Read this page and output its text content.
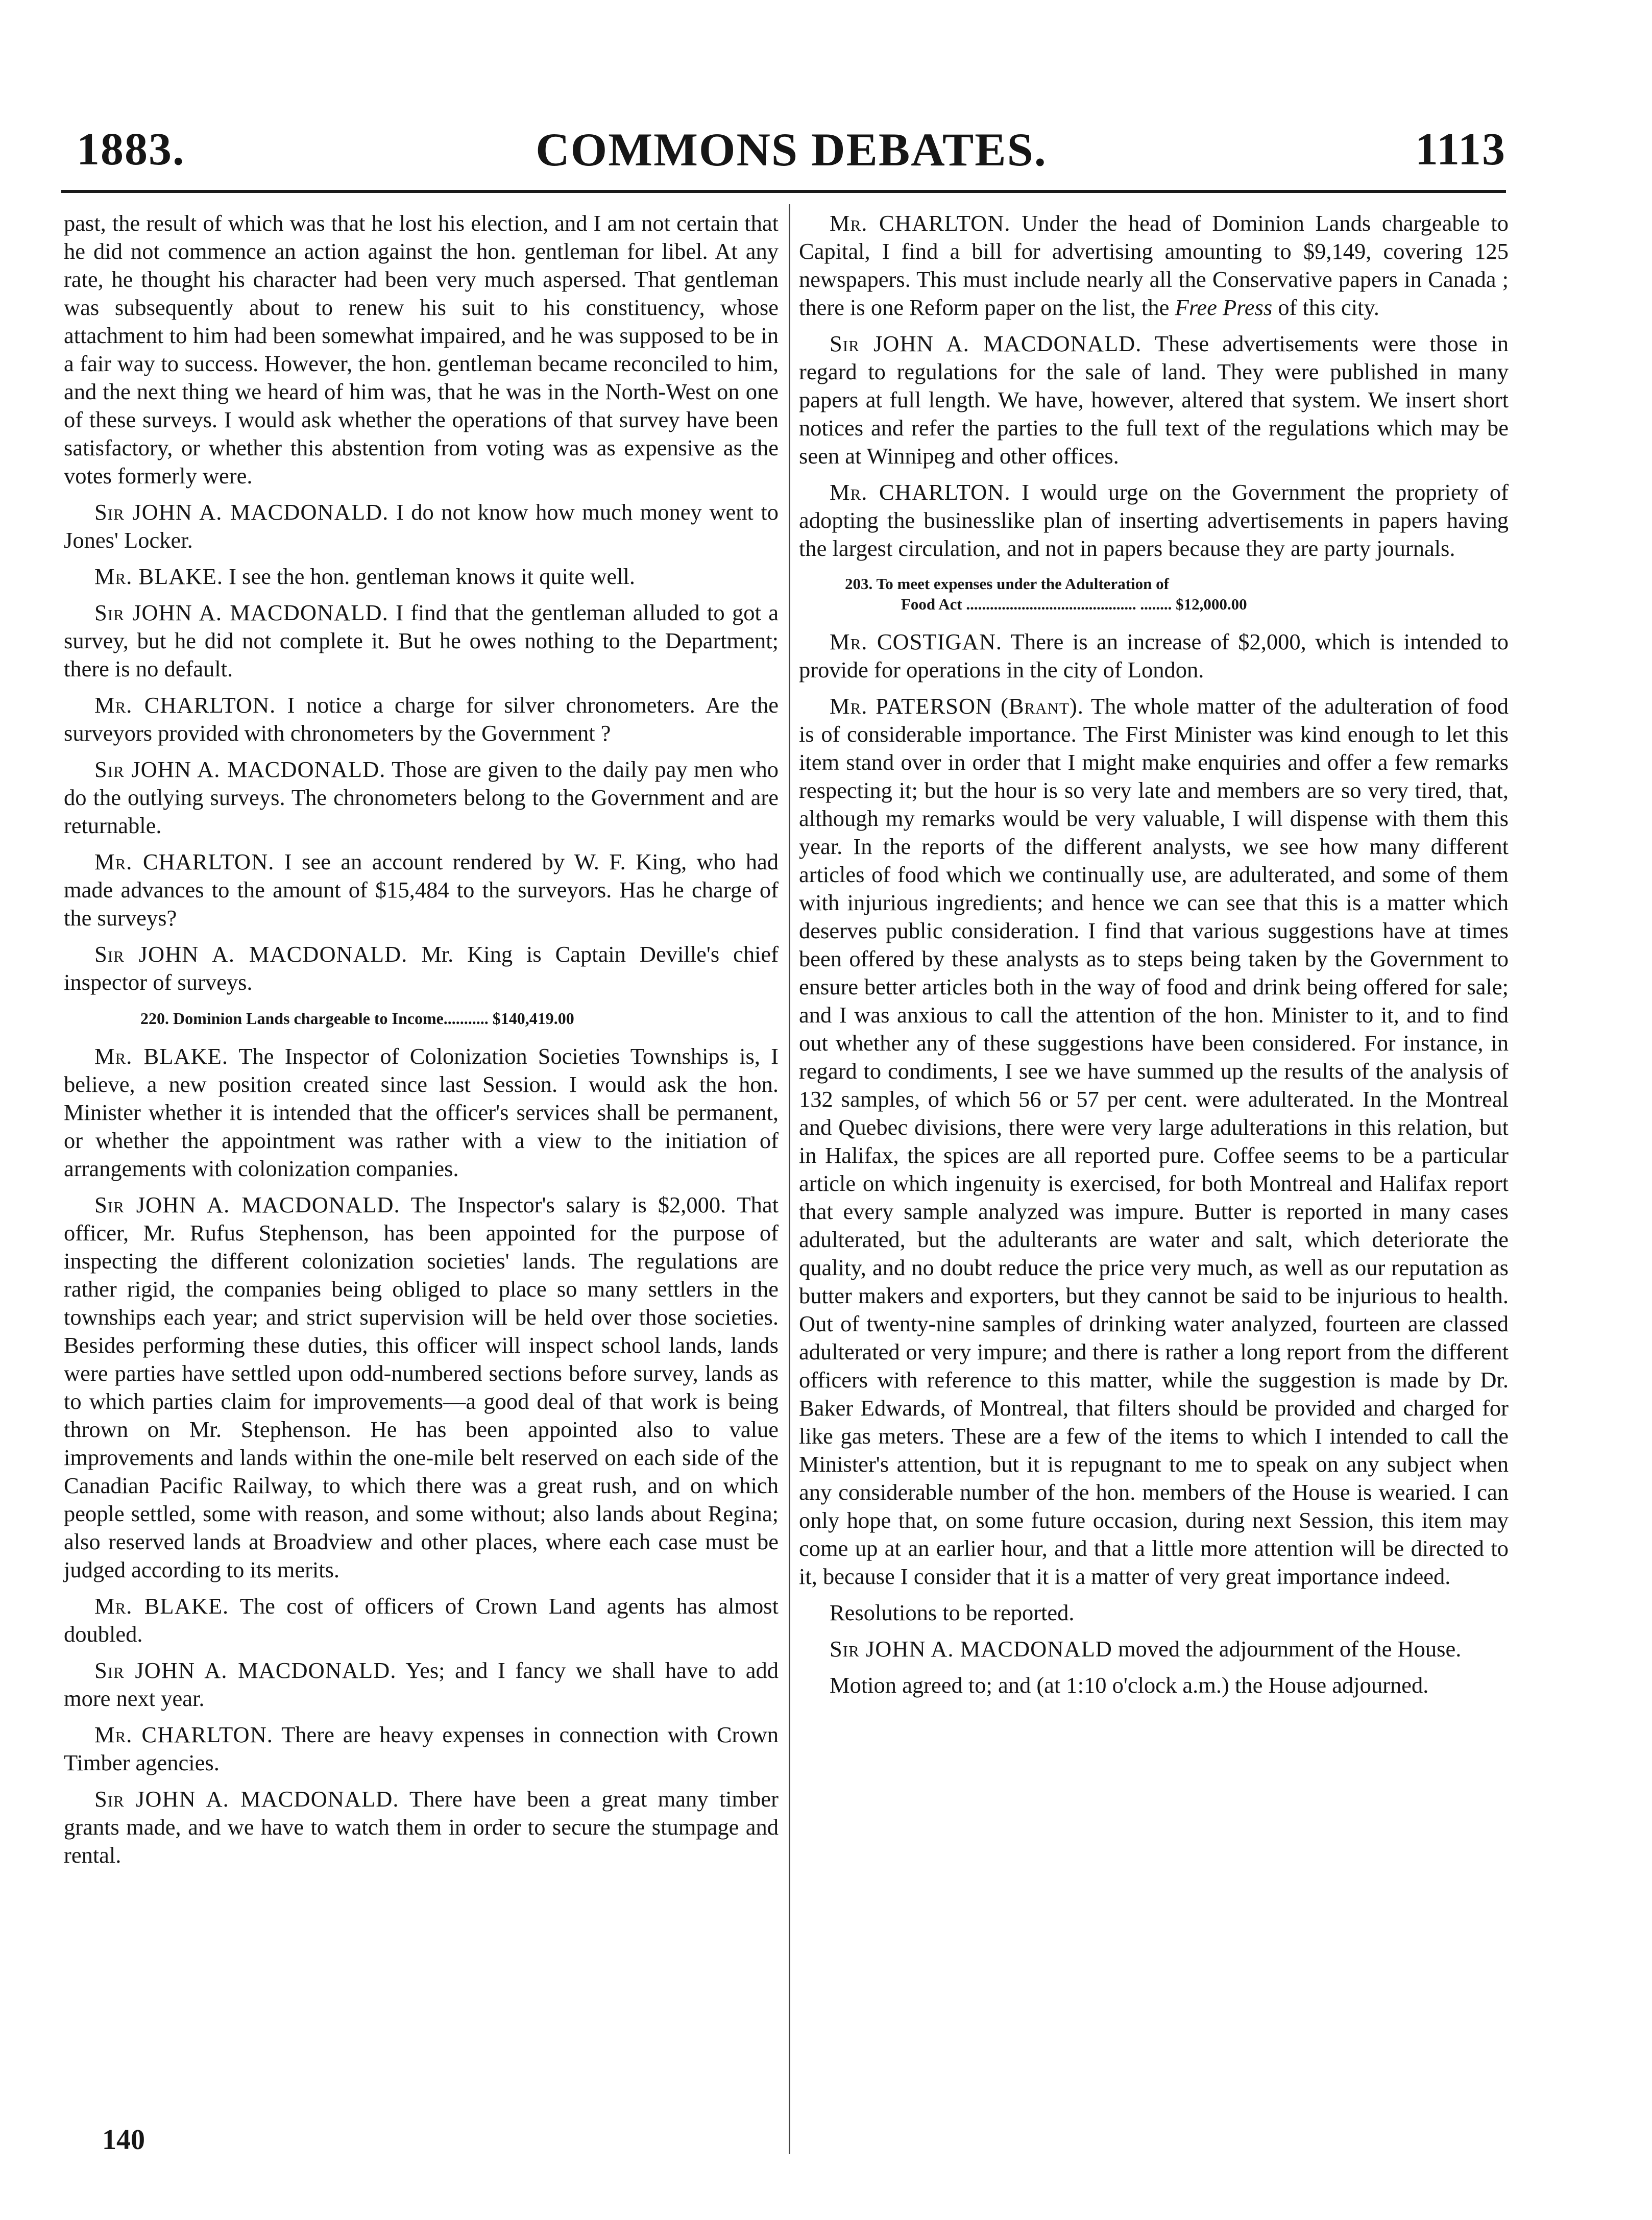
COMMONS DEBATES.
1883.	1113

past, the result of which was that he lost his election, and I am not certain that he did not commence an action against the hon. gentleman for libel. At any rate, he thought his character had been very much aspersed. That gentleman was subsequently about to renew his suit to his constituency, whose attachment to him had been somewhat impaired, and he was supposed to be in a fair way to success. However, the hon. gentleman became reconciled to him, and the next thing we heard of him was, that he was in the North-West on one of these surveys. I would ask whether the operations of that survey have been satisfactory, or whether this abstention from voting was as expensive as the votes formerly were.

Sir JOHN A. MACDONALD. I do not know how much money went to Jones' Locker.

Mr. BLAKE. I see the hon. gentleman knows it quite well.

Sir JOHN A. MACDONALD. I find that the gentleman alluded to got a survey, but he did not complete it. But he owes nothing to the Department; there is no default.

Mr. CHARLTON. I notice a charge for silver chronometers. Are the surveyors provided with chronometers by the Government ?

Sir JOHN A. MACDONALD. Those are given to the daily pay men who do the outlying surveys. The chronometers belong to the Government and are returnable.

Mr. CHARLTON. I see an account rendered by W. F. King, who had made advances to the amount of $15,484 to the surveyors. Has he charge of the surveys?

Sir JOHN A. MACDONALD. Mr. King is Captain Deville's chief inspector of surveys.

220. Dominion Lands chargeable to Income........... $140,419.00

Mr. BLAKE. The Inspector of Colonization Societies Townships is, I believe, a new position created since last Session. I would ask the hon. Minister whether it is intended that the officer's services shall be permanent, or whether the appointment was rather with a view to the initiation of arrangements with colonization companies.

Sir JOHN A. MACDONALD. The Inspector's salary is $2,000. That officer, Mr. Rufus Stephenson, has been appointed for the purpose of inspecting the different colonization societies' lands. The regulations are rather rigid, the companies being obliged to place so many settlers in the townships each year; and strict supervision will be held over those societies. Besides performing these duties, this officer will inspect school lands, lands were parties have settled upon odd-numbered sections before survey, lands as to which parties claim for improvements—a good deal of that work is being thrown on Mr. Stephenson. He has been appointed also to value improvements and lands within the one-mile belt reserved on each side of the Canadian Pacific Railway, to which there was a great rush, and on which people settled, some with reason, and some without; also lands about Regina; also reserved lands at Broadview and other places, where each case must be judged according to its merits.

Mr. BLAKE. The cost of officers of Crown Land agents has almost doubled.

Sir JOHN A. MACDONALD. Yes; and I fancy we shall have to add more next year.

Mr. CHARLTON. There are heavy expenses in connection with Crown Timber agencies.

Sir JOHN A. MACDONALD. There have been a great many timber grants made, and we have to watch them in order to secure the stumpage and rental.

Mr. CHARLTON. Under the head of Dominion Lands chargeable to Capital, I find a bill for advertising amounting to $9,149, covering 125 newspapers. This must include nearly all the Conservative papers in Canada ; there is one Reform paper on the list, the Free Press of this city.

Sir JOHN A. MACDONALD. These advertisements were those in regard to regulations for the sale of land. They were published in many papers at full length. We have, however, altered that system. We insert short notices and refer the parties to the full text of the regulations which may be seen at Winnipeg and other offices.

Mr. CHARLTON. I would urge on the Government the propriety of adopting the businesslike plan of inserting advertisements in papers having the largest circulation, and not in papers because they are party journals.

203. To meet expenses under the Adulteration of
Food Act ........................................... ........ $12,000.00

Mr. COSTIGAN. There is an increase of $2,000, which is intended to provide for operations in the city of London.

Mr. PATERSON (Brant). The whole matter of the adulteration of food is of considerable importance. The First Minister was kind enough to let this item stand over in order that I might make enquiries and offer a few remarks respecting it; but the hour is so very late and members are so very tired, that, although my remarks would be very valuable, I will dispense with them this year. In the reports of the different analysts, we see how many different articles of food which we continually use, are adulterated, and some of them with injurious ingredients; and hence we can see that this is a matter which deserves public consideration. I find that various suggestions have at times been offered by these analysts as to steps being taken by the Government to ensure better articles both in the way of food and drink being offered for sale; and I was anxious to call the attention of the hon. Minister to it, and to find out whether any of these suggestions have been considered. For instance, in regard to condiments, I see we have summed up the results of the analysis of 132 samples, of which 56 or 57 per cent. were adulterated. In the Montreal and Quebec divisions, there were very large adulterations in this relation, but in Halifax, the spices are all reported pure. Coffee seems to be a particular article on which ingenuity is exercised, for both Montreal and Halifax report that every sample analyzed was impure. Butter is reported in many cases adulterated, but the adulterants are water and salt, which deteriorate the quality, and no doubt reduce the price very much, as well as our reputation as butter makers and exporters, but they cannot be said to be injurious to health. Out of twenty-nine samples of drinking water analyzed, fourteen are classed adulterated or very impure; and there is rather a long report from the different officers with reference to this matter, while the suggestion is made by Dr. Baker Edwards, of Montreal, that filters should be provided and charged for like gas meters. These are a few of the items to which I intended to call the Minister's attention, but it is repugnant to me to speak on any subject when any considerable number of the hon. members of the House is wearied. I can only hope that, on some future occasion, during next Session, this item may come up at an earlier hour, and that a little more attention will be directed to it, because I consider that it is a matter of very great importance indeed.

Resolutions to be reported.

Sir JOHN A. MACDONALD moved the adjournment of the House.

Motion agreed to; and (at 1:10 o'clock a.m.) the House adjourned.

140
